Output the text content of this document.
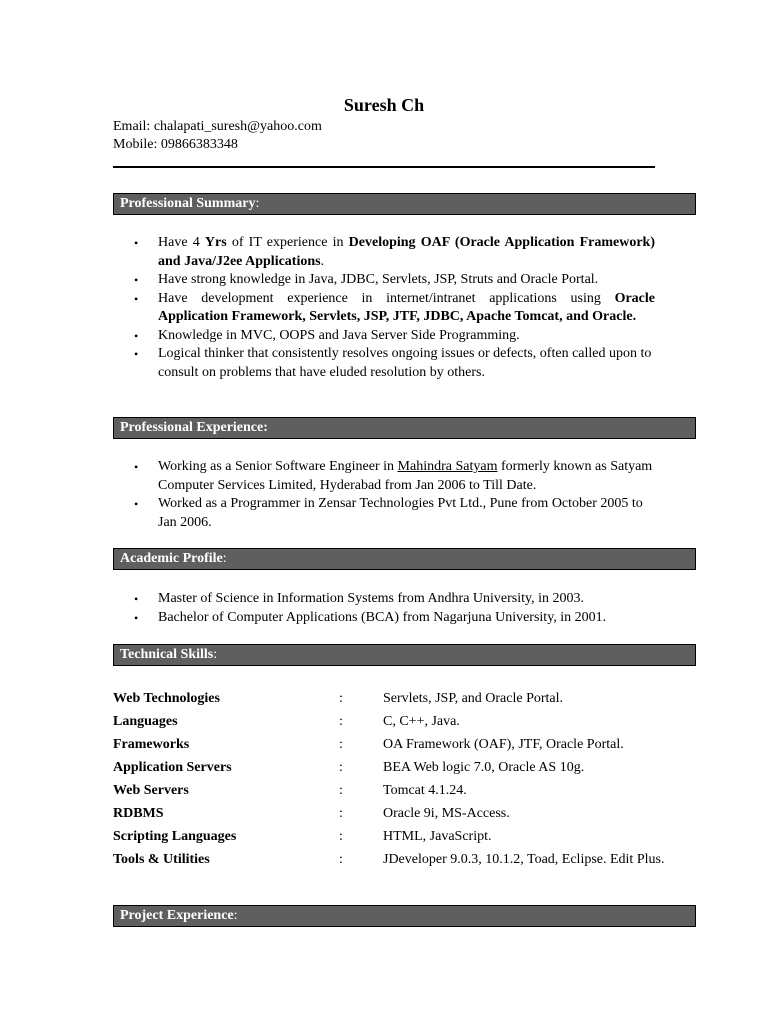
Suresh Ch
Email: chalapati_suresh@yahoo.com
Mobile: 09866383348
Professional Summary:
• Have 4 Yrs of IT experience in Developing OAF (Oracle Application Framework) and Java/J2ee Applications.
• Have strong knowledge in Java, JDBC, Servlets, JSP, Struts and Oracle Portal.
• Have development experience in internet/intranet applications using Oracle Application Framework, Servlets, JSP, JTF, JDBC, Apache Tomcat, and Oracle.
• Knowledge in MVC, OOPS and Java Server Side Programming.
• Logical thinker that consistently resolves ongoing issues or defects, often called upon to consult on problems that have eluded resolution by others.
Professional Experience:
• Working as a Senior Software Engineer in Mahindra Satyam formerly known as Satyam Computer Services Limited, Hyderabad from Jan 2006 to Till Date.
• Worked as a Programmer in Zensar Technologies Pvt Ltd., Pune from October 2005 to Jan 2006.
Academic Profile:
• Master of Science in Information Systems from Andhra University, in 2003.
• Bachelor of Computer Applications (BCA) from Nagarjuna University, in 2001.
Technical Skills:
Web Technologies	:	Servlets, JSP, and Oracle Portal.
Languages	:	C, C++, Java.
Frameworks	:	OA Framework (OAF), JTF, Oracle Portal.
Application Servers	:	BEA Web logic 7.0, Oracle AS 10g.
Web Servers	:	Tomcat 4.1.24.
RDBMS	:	Oracle 9i, MS-Access.
Scripting Languages	:	HTML, JavaScript.
Tools & Utilities	:	JDeveloper 9.0.3, 10.1.2, Toad, Eclipse. Edit Plus.
Project Experience:
